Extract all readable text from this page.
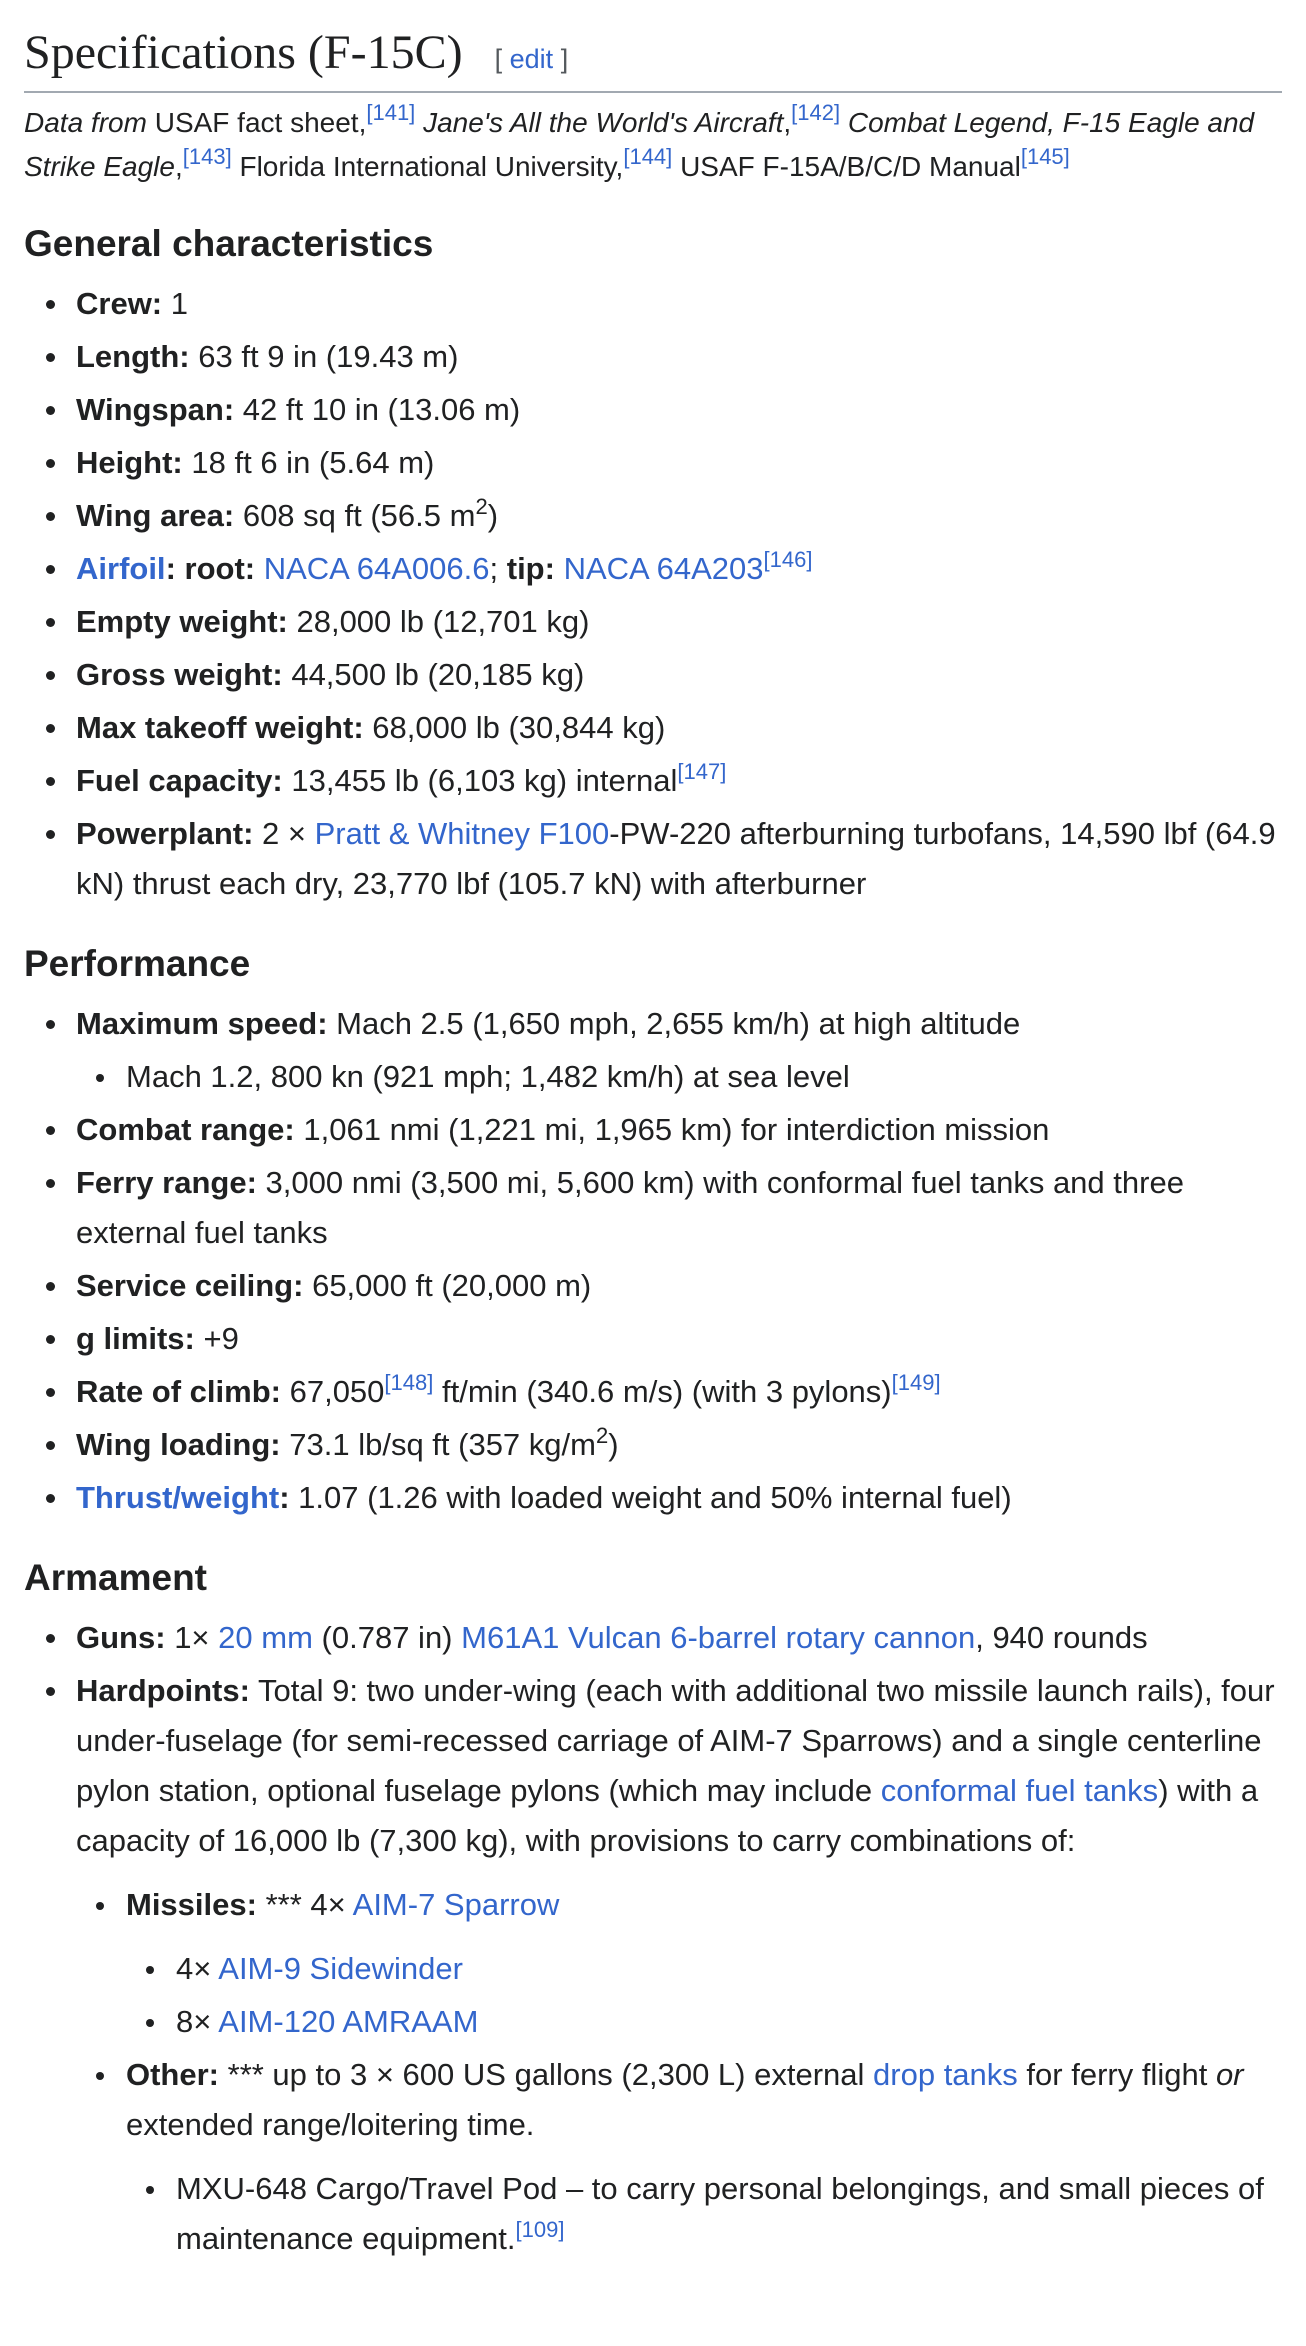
Specifications (F-15C) [ edit ]

Data from USAF fact sheet,[141] Jane's All the World's Aircraft,[142] Combat Legend, F-15 Eagle and Strike Eagle,[143] Florida International University,[144] USAF F-15A/B/C/D Manual[145]

General characteristics
Crew: 1
Length: 63 ft 9 in (19.43 m)
Wingspan: 42 ft 10 in (13.06 m)
Height: 18 ft 6 in (5.64 m)
Wing area: 608 sq ft (56.5 $m^2$)
Airfoil: root: NACA 64A006.6; tip: NACA 64A203[146]
Empty weight: 28,000 lb (12,701 kg)
Gross weight: 44,500 lb (20,185 kg)
Max takeoff weight: 68,000 lb (30,844 kg)
Fuel capacity: 13,455 lb (6,103 kg) internal[147]
Powerplant: 2 × Pratt & Whitney F100-PW-220 afterburning turbofans, 14,590 lbf (64.9 kN) thrust each dry, 23,770 lbf (105.7 kN) with afterburner
Performance
Maximum speed: Mach 2.5 (1,650 mph, 2,655 km/h) at high altitude
Mach 1.2, 800 kn (921 mph; 1,482 km/h) at sea level
Combat range: 1,061 nmi (1,221 mi, 1,965 km) for interdiction mission
Ferry range: 3,000 nmi (3,500 mi, 5,600 km) with conformal fuel tanks and three external fuel tanks
Service ceiling: 65,000 ft (20,000 m)
g limits: +9
Rate of climb: 67,050[148] ft/min (340.6 m/s) (with 3 pylons)[149]
Wing loading: 73.1 lb/sq ft (357 $kg/m^2$)
Thrust/weight: 1.07 (1.26 with loaded weight and 50% internal fuel)
Armament
Guns: 1× 20 mm (0.787 in) M61A1 Vulcan 6-barrel rotary cannon, 940 rounds
Hardpoints: Total 9: two under-wing (each with additional two missile launch rails), four under-fuselage (for semi-recessed carriage of AIM-7 Sparrows) and a single centerline pylon station, optional fuselage pylons (which may include conformal fuel tanks) with a capacity of 16,000 lb (7,300 kg), with provisions to carry combinations of:
Missiles: *** 4× AIM-7 Sparrow
4× AIM-9 Sidewinder
8× AIM-120 AMRAAM
Other: *** up to 3 × 600 US gallons (2,300 L) external drop tanks for ferry flight or extended range/loitering time.
MXU-648 Cargo/Travel Pod – to carry personal belongings, and small pieces of maintenance equipment.[109]
